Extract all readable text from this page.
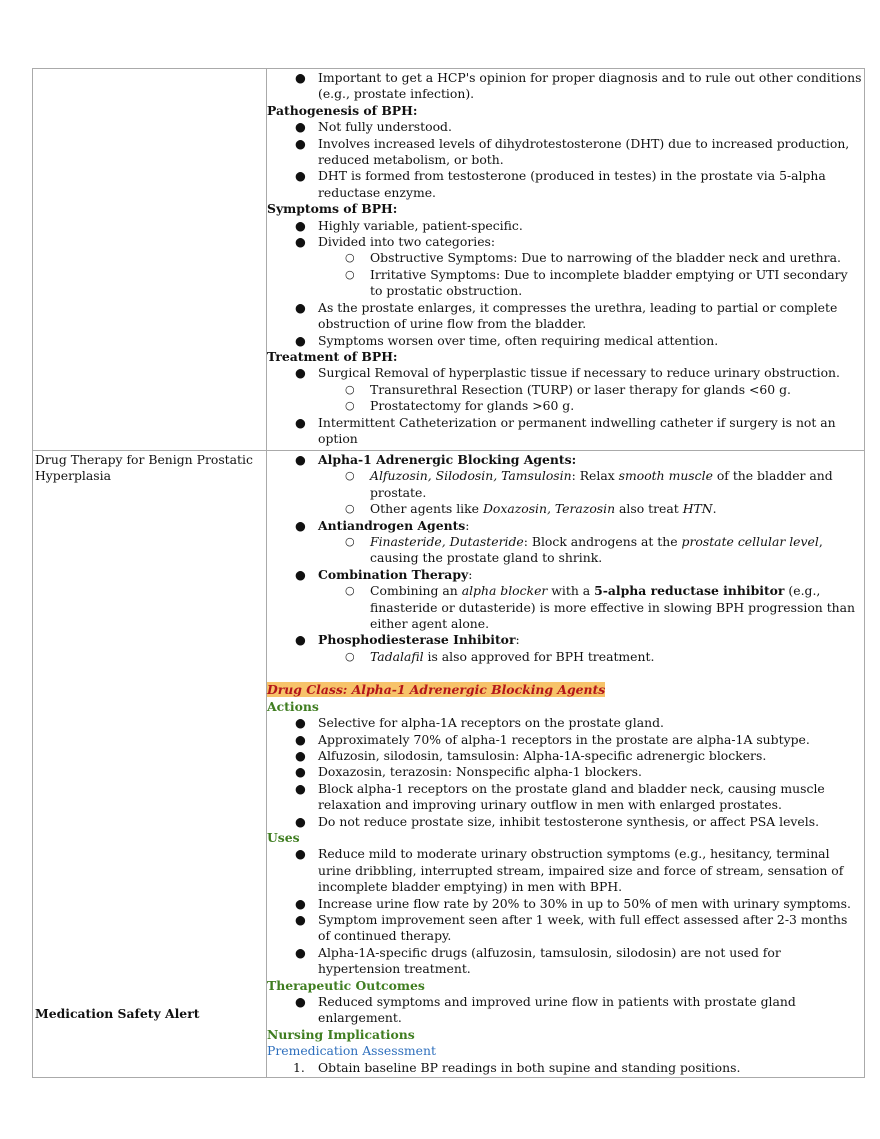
● Important to get a HCP's opinion for proper diagnosis and to rule out other conditions (e.g., prostate infection).
Pathogenesis of BPH:
● Not fully understood.
● Involves increased levels of dihydrotestosterone (DHT) due to increased production, reduced metabolism, or both.
● DHT is formed from testosterone (produced in testes) in the prostate via 5-alpha reductase enzyme.
Symptoms of BPH:
● Highly variable, patient-specific.
● Divided into two categories:
○ Obstructive Symptoms: Due to narrowing of the bladder neck and urethra.
○ Irritative Symptoms: Due to incomplete bladder emptying or UTI secondary to prostatic obstruction.
● As the prostate enlarges, it compresses the urethra, leading to partial or complete obstruction of urine flow from the bladder.
● Symptoms worsen over time, often requiring medical attention.
Treatment of BPH:
● Surgical Removal of hyperplastic tissue if necessary to reduce urinary obstruction.
○ Transurethral Resection (TURP) or laser therapy for glands <60 g.
○ Prostatectomy for glands >60 g.
● Intermittent Catheterization or permanent indwelling catheter if surgery is not an option
Drug Therapy for Benign Prostatic Hyperplasia
Medication Safety Alert
● Alpha-1 Adrenergic Blocking Agents:
○ Alfuzosin, Silodosin, Tamsulosin: Relax smooth muscle of the bladder and prostate.
○ Other agents like Doxazosin, Terazosin also treat HTN.
● Antiandrogen Agents:
○ Finasteride, Dutasteride: Block androgens at the prostate cellular level, causing the prostate gland to shrink.
● Combination Therapy:
○ Combining an alpha blocker with a 5-alpha reductase inhibitor (e.g., finasteride or dutasteride) is more effective in slowing BPH progression than either agent alone.
● Phosphodiesterase Inhibitor:
○ Tadalafil is also approved for BPH treatment.
Drug Class: Alpha-1 Adrenergic Blocking Agents
Actions
● Selective for alpha-1A receptors on the prostate gland.
● Approximately 70% of alpha-1 receptors in the prostate are alpha-1A subtype.
● Alfuzosin, silodosin, tamsulosin: Alpha-1A-specific adrenergic blockers.
● Doxazosin, terazosin: Nonspecific alpha-1 blockers.
● Block alpha-1 receptors on the prostate gland and bladder neck, causing muscle relaxation and improving urinary outflow in men with enlarged prostates.
● Do not reduce prostate size, inhibit testosterone synthesis, or affect PSA levels.
Uses
● Reduce mild to moderate urinary obstruction symptoms (e.g., hesitancy, terminal urine dribbling, interrupted stream, impaired size and force of stream, sensation of incomplete bladder emptying) in men with BPH.
● Increase urine flow rate by 20% to 30% in up to 50% of men with urinary symptoms.
● Symptom improvement seen after 1 week, with full effect assessed after 2-3 months of continued therapy.
● Alpha-1A-specific drugs (alfuzosin, tamsulosin, silodosin) are not used for hypertension treatment.
Therapeutic Outcomes
● Reduced symptoms and improved urine flow in patients with prostate gland enlargement.
Nursing Implications
Premedication Assessment
1. Obtain baseline BP readings in both supine and standing positions.
